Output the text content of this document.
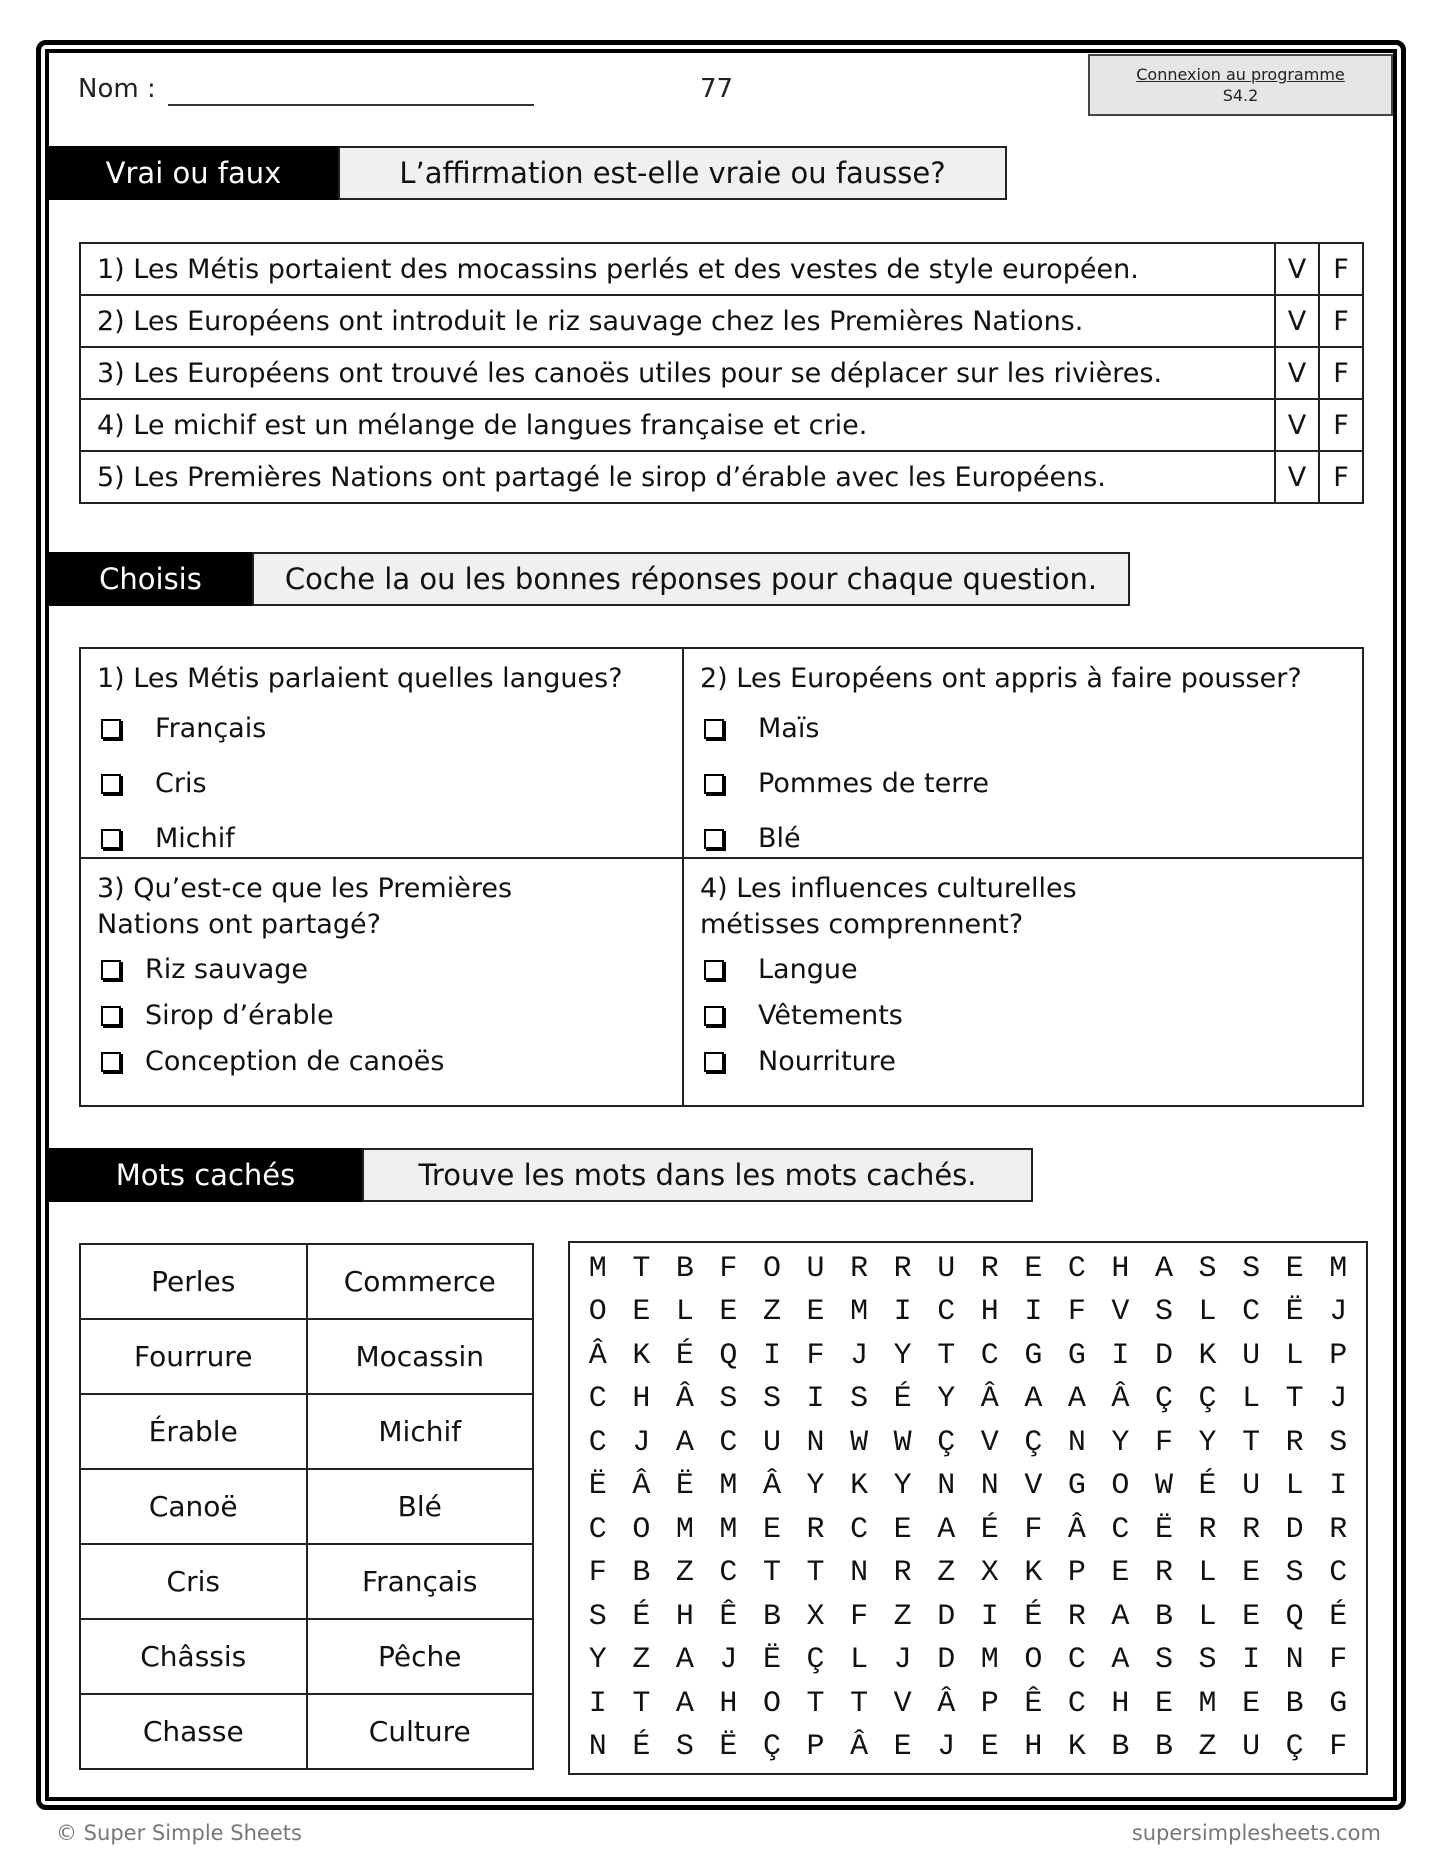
Nom :	77	Connexion au programme
S4.2
Vrai ou faux	L’affirmation est-elle vraie ou fausse?
1) Les Métis portaient des mocassins perlés et des vestes de style européen.	V	F
2) Les Européens ont introduit le riz sauvage chez les Premières Nations.	V	F
3) Les Européens ont trouvé les canoës utiles pour se déplacer sur les rivières.	V	F
4) Le michif est un mélange de langues française et crie.	V	F
5) Les Premières Nations ont partagé le sirop d’érable avec les Européens.	V	F
Choisis	Coche la ou les bonnes réponses pour chaque question.
1) Les Métis parlaient quelles langues?
Français
Cris
Michif
2) Les Européens ont appris à faire pousser?
Maïs
Pommes de terre
Blé
3) Qu’est-ce que les Premières Nations ont partagé?
Riz sauvage
Sirop d’érable
Conception de canoës
4) Les influences culturelles métisses comprennent?
Langue
Vêtements
Nourriture
Mots cachés	Trouve les mots dans les mots cachés.
Perles	Commerce
Fourrure	Mocassin
Érable	Michif
Canoë	Blé
Cris	Français
Châssis	Pêche
Chasse	Culture
M T B F O U R R U R E C H A S S E M
O E L E Z E M I C H I F V S L C Ë J
Â K É Q I F J Y T C G G I D K U L P
C H Â S S I S É Y Â A A Â Ç Ç L T J
C J A C U N W W Ç V Ç N Y F Y T R S
Ë Â Ë M Â Y K Y N N V G O W É U L I
C O M M E R C E A É F Â C Ë R R D R
F B Z C T T N R Z X K P E R L E S C
S É H Ê B X F Z D I É R A B L E Q É
Y Z A J Ë Ç L J D M O C A S S I N F
I T A H O T T V Â P Ê C H E M E B G
N É S Ë Ç P Â E J E H K B B Z U Ç F
© Super Simple Sheets	supersimplesheets.com
